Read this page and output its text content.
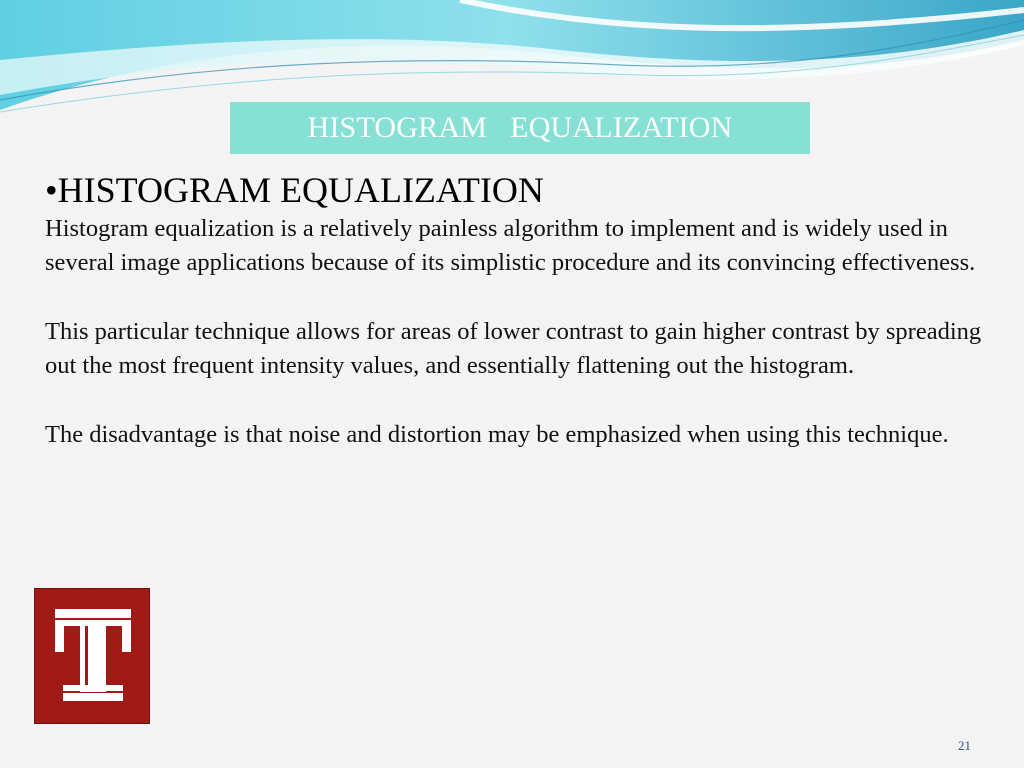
HISTOGRAM   EQUALIZATION

•HISTOGRAM EQUALIZATION

Histogram equalization is a relatively painless algorithm to implement and is widely used in several image applications because of its simplistic procedure and its convincing effectiveness.

This particular technique allows for areas of lower contrast to gain higher contrast by spreading out the most frequent intensity values, and essentially flattening out the histogram.

The disadvantage is that noise and distortion may be emphasized when using this technique.

21
